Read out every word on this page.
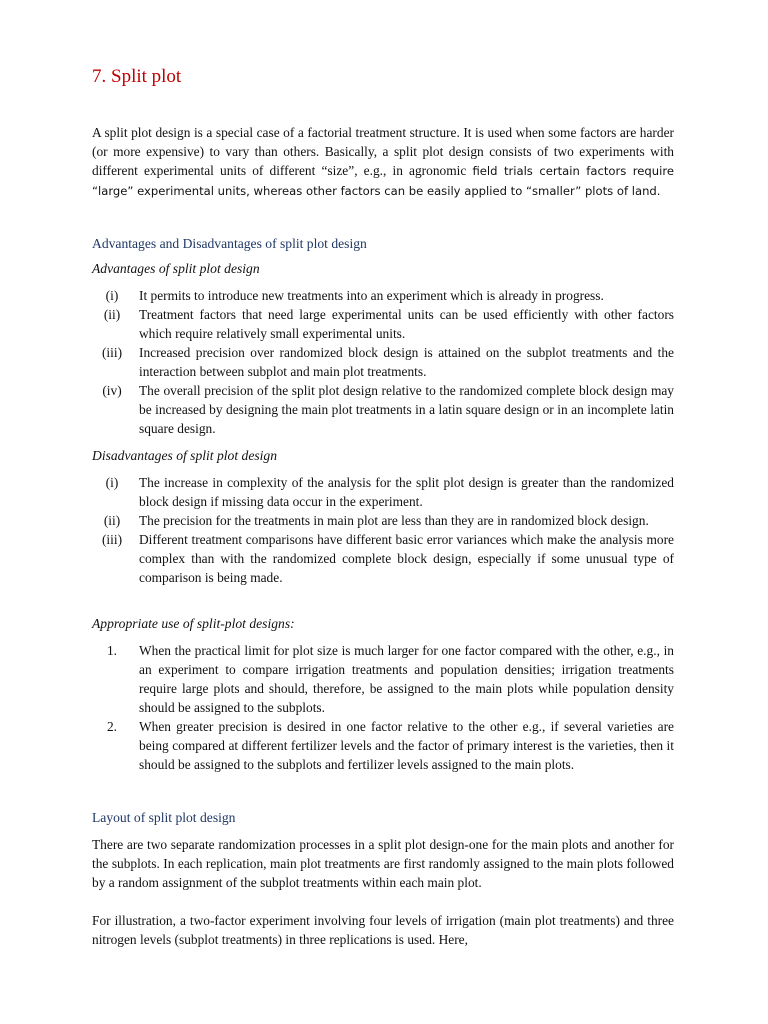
7. Split plot
A split plot design is a special case of a factorial treatment structure. It is used when some factors are harder (or more expensive) to vary than others. Basically, a split plot design consists of two experiments with different experimental units of different “size”, e.g., in agronomic field trials certain factors require “large” experimental units, whereas other factors can be easily applied to “smaller” plots of land.

Advantages and Disadvantages of split plot design

Advantages of split plot design

(i)	It permits to introduce new treatments into an experiment which is already in progress.
(ii)	Treatment factors that need large experimental units can be used efficiently with other factors which require relatively small experimental units.
(iii)	Increased precision over randomized block design is attained on the subplot treatments and the interaction between subplot and main plot treatments.
(iv)	The overall precision of the split plot design relative to the randomized complete block design may be increased by designing the main plot treatments in a latin square design or in an incomplete latin square design.

Disadvantages of split plot design

(i)	The increase in complexity of the analysis for the split plot design is greater than the randomized block design if missing data occur in the experiment.
(ii)	The precision for the treatments in main plot are less than they are in randomized block design.
(iii)	Different treatment comparisons have different basic error variances which make the analysis more complex than with the randomized complete block design, especially if some unusual type of comparison is being made.

Appropriate use of split-plot designs:

1.	When the practical limit for plot size is much larger for one factor compared with the other, e.g., in an experiment to compare irrigation treatments and population densities; irrigation treatments require large plots and should, therefore, be assigned to the main plots while population density should be assigned to the subplots.
2.	When greater precision is desired in one factor relative to the other e.g., if several varieties are being compared at different fertilizer levels and the factor of primary interest is the varieties, then it should be assigned to the subplots and fertilizer levels assigned to the main plots.

Layout of split plot design

There are two separate randomization processes in a split plot design-one for the main plots and another for the subplots. In each replication, main plot treatments are first randomly assigned to the main plots followed by a random assignment of the subplot treatments within each main plot.

For illustration, a two-factor experiment involving four levels of irrigation (main plot treatments) and three nitrogen levels (subplot treatments) in three replications is used. Here,
